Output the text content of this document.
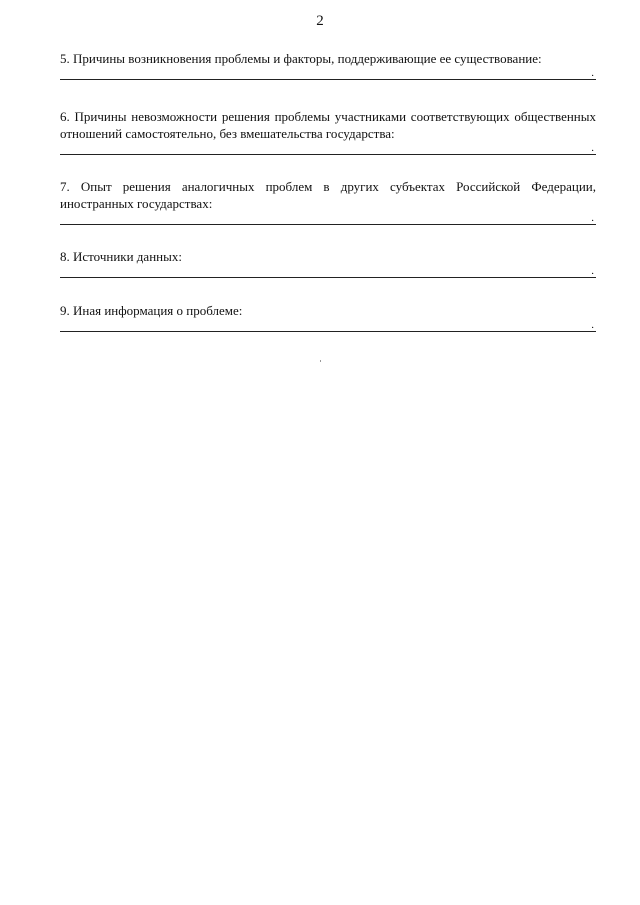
2
5. Причины возникновения проблемы и факторы, поддерживающие ее существование:
.
6. Причины невозможности решения проблемы участниками соответствующих общественных отношений самостоятельно, без вмешательства государства:
.
7. Опыт решения аналогичных проблем в других субъектах Российской Федерации, иностранных государствах:
.
8. Источники данных:
.
9. Иная информация о проблеме:
.
